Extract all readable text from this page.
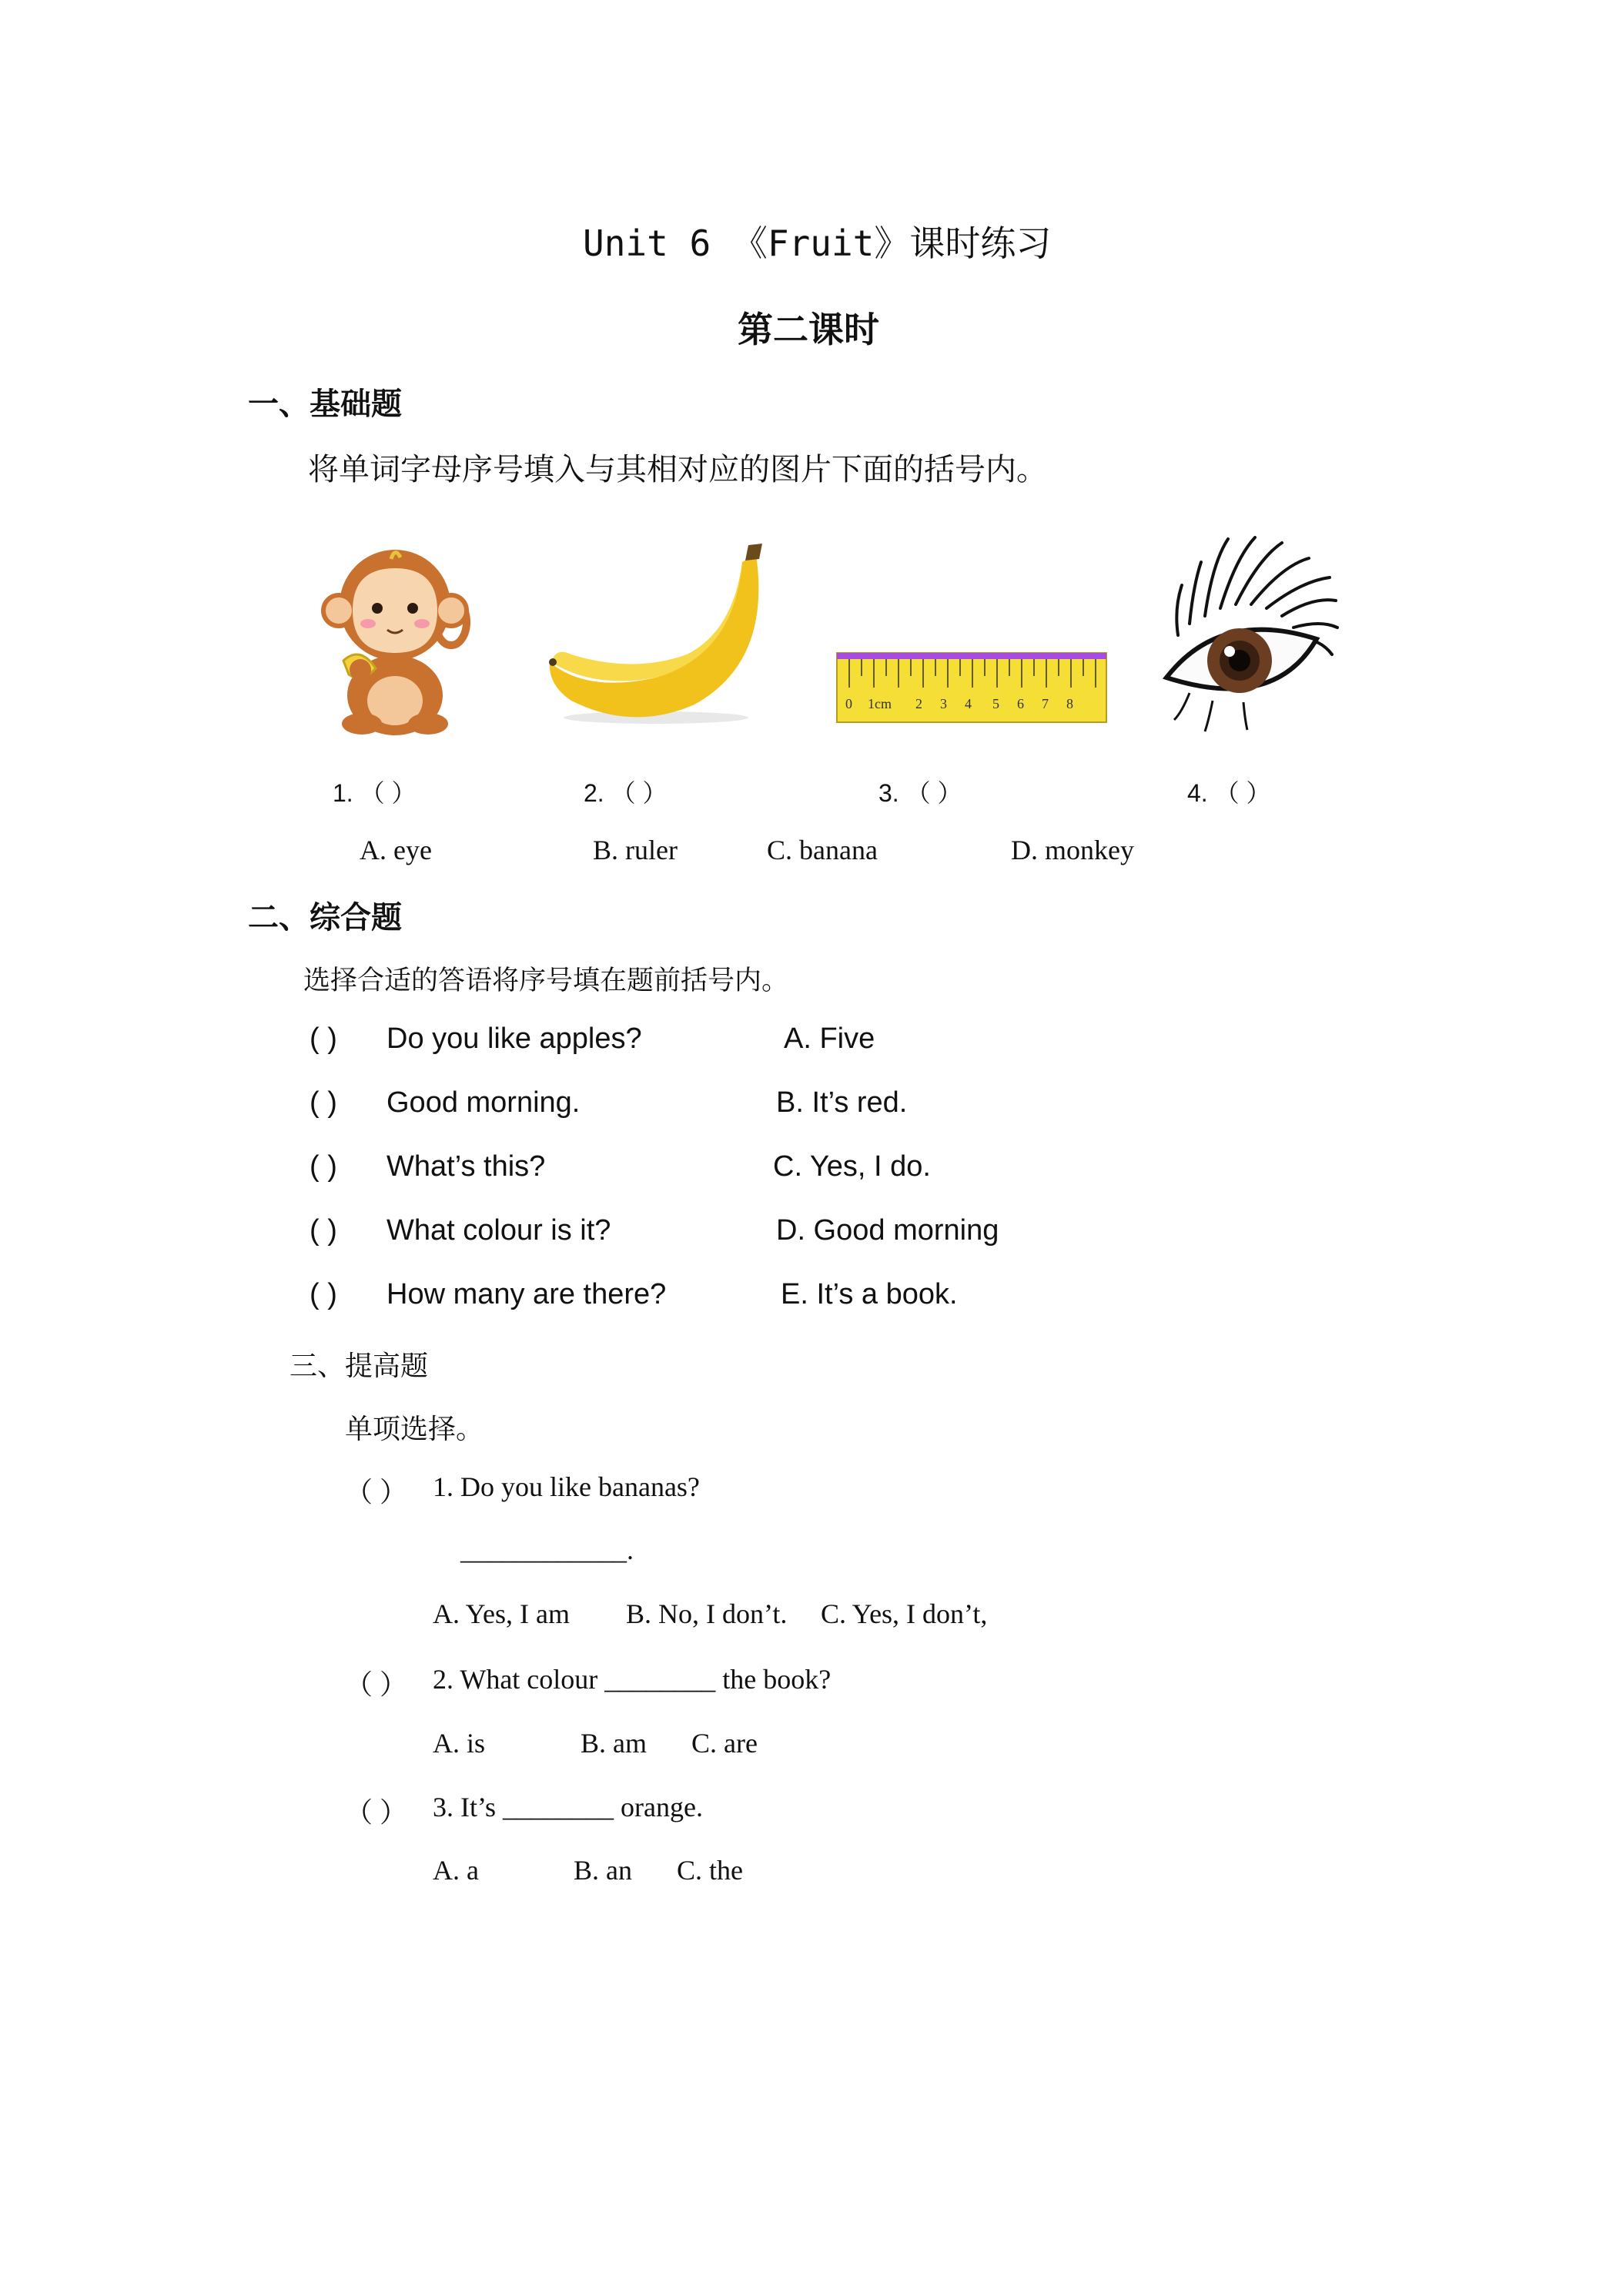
Unit 6 《Fruit》课时练习
第二课时
一、基础题
将单词字母序号填入与其相对应的图片下面的括号内。
0 1cm 2 3 4 5 6 7 8
1. （ ）	2. （ ）	3. （ ）	4. （ ）
A. eye	B. ruler	C. banana	D. monkey
二、综合题
选择合适的答语将序号填在题前括号内。
( ) Do you like apples?	A. Five
( ) Good morning.	B. It’s red.
( ) What’s this?	C. Yes, I do.
( ) What colour is it?	D. Good morning
( ) How many are there?	E. It’s a book.
三、提高题
单项选择。
（ ） 1. Do you like bananas?
____________.
A. Yes, I am B. No, I don’t. C. Yes, I don’t,
（ ） 2. What colour ________ the book?
A. is	B. am C. are
（ ） 3. It’s ________ orange.
A. a	B. an C. the
